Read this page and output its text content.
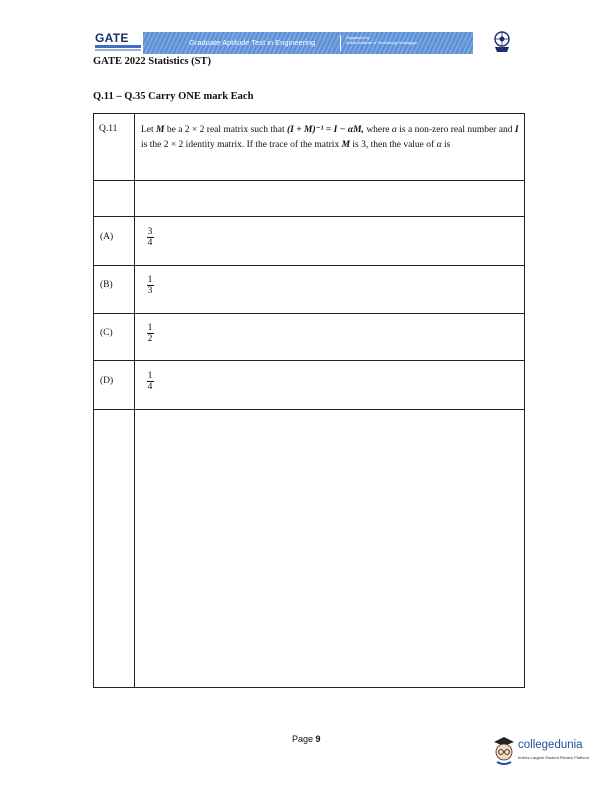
GATE	Graduate Aptitude Test in Engineering
Organised by
Indian Institute of Technology Kharagpur
GATE 2022 Statistics (ST)
Q.11 – Q.35 Carry ONE mark Each
Q.11 Let M be a 2 × 2 real matrix such that (I + M)⁻¹ = I − αM, where α is a non-zero real number and I is the 2 × 2 identity matrix. If the trace of the matrix M is 3, then the value of α is
(A)	3
4
(B)	1
3
(C)	1
2
(D)	1
4
Page 9	collegedunia
India's Largest Student Review Platform
